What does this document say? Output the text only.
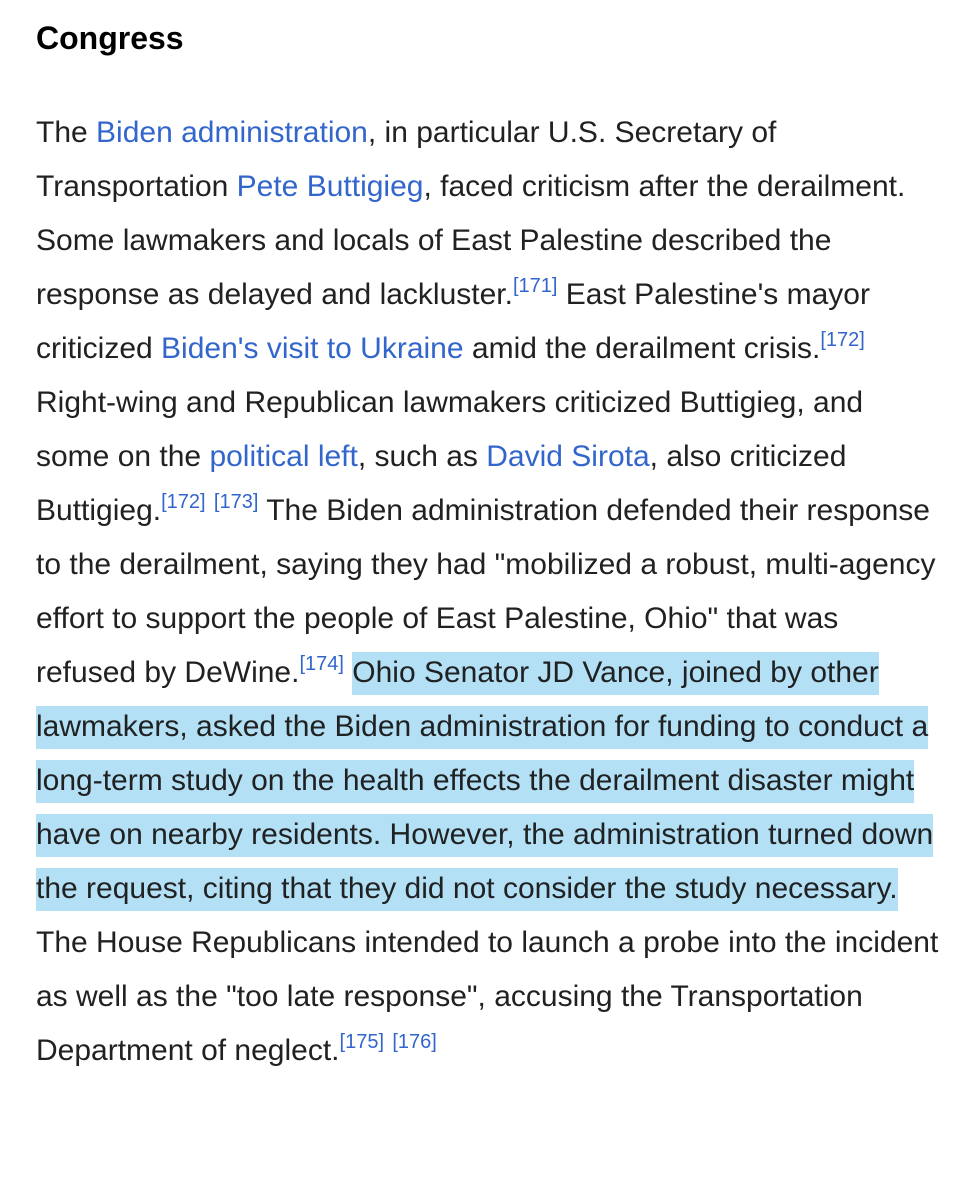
Congress

The Biden administration, in particular U.S. Secretary of Transportation Pete Buttigieg, faced criticism after the derailment. Some lawmakers and locals of East Palestine described the response as delayed and lackluster.[171] East Palestine's mayor criticized Biden's visit to Ukraine amid the derailment crisis.[172] Right-wing and Republican lawmakers criticized Buttigieg, and some on the political left, such as David Sirota, also criticized Buttigieg.[172] [173] The Biden administration defended their response to the derailment, saying they had "mobilized a robust, multi-agency effort to support the people of East Palestine, Ohio" that was refused by DeWine.[174] Ohio Senator JD Vance, joined by other lawmakers, asked the Biden administration for funding to conduct a long-term study on the health effects the derailment disaster might have on nearby residents. However, the administration turned down the request, citing that they did not consider the study necessary. The House Republicans intended to launch a probe into the incident as well as the "too late response", accusing the Transportation Department of neglect.[175] [176]
